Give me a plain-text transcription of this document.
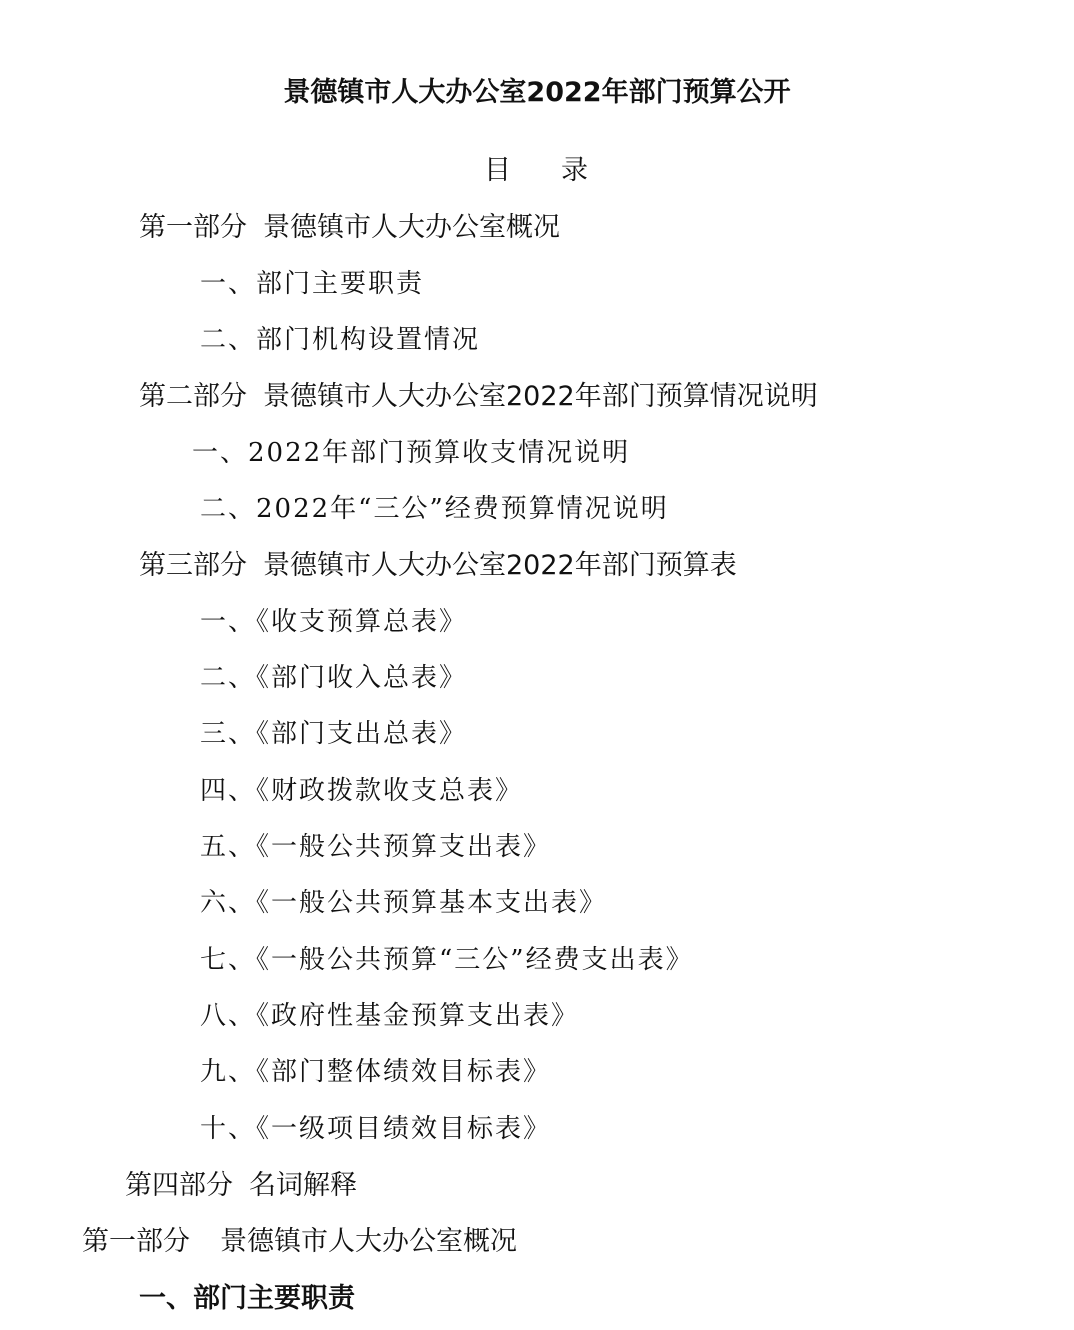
景德镇市人大办公室2022年部门预算公开
目 录
第一部分 景德镇市人大办公室概况
一、部门主要职责
二、部门机构设置情况
第二部分 景德镇市人大办公室2022年部门预算情况说明
一、2022年部门预算收支情况说明
二、2022年“三公”经费预算情况说明
第三部分 景德镇市人大办公室2022年部门预算表
一、《收支预算总表》
二、《部门收入总表》
三、《部门支出总表》
四、《财政拨款收支总表》
五、《一般公共预算支出表》
六、《一般公共预算基本支出表》
七、《一般公共预算“三公”经费支出表》
八、《政府性基金预算支出表》
九、《部门整体绩效目标表》
十、《一级项目绩效目标表》
第四部分 名词解释
第一部分 景德镇市人大办公室概况
一、部门主要职责
